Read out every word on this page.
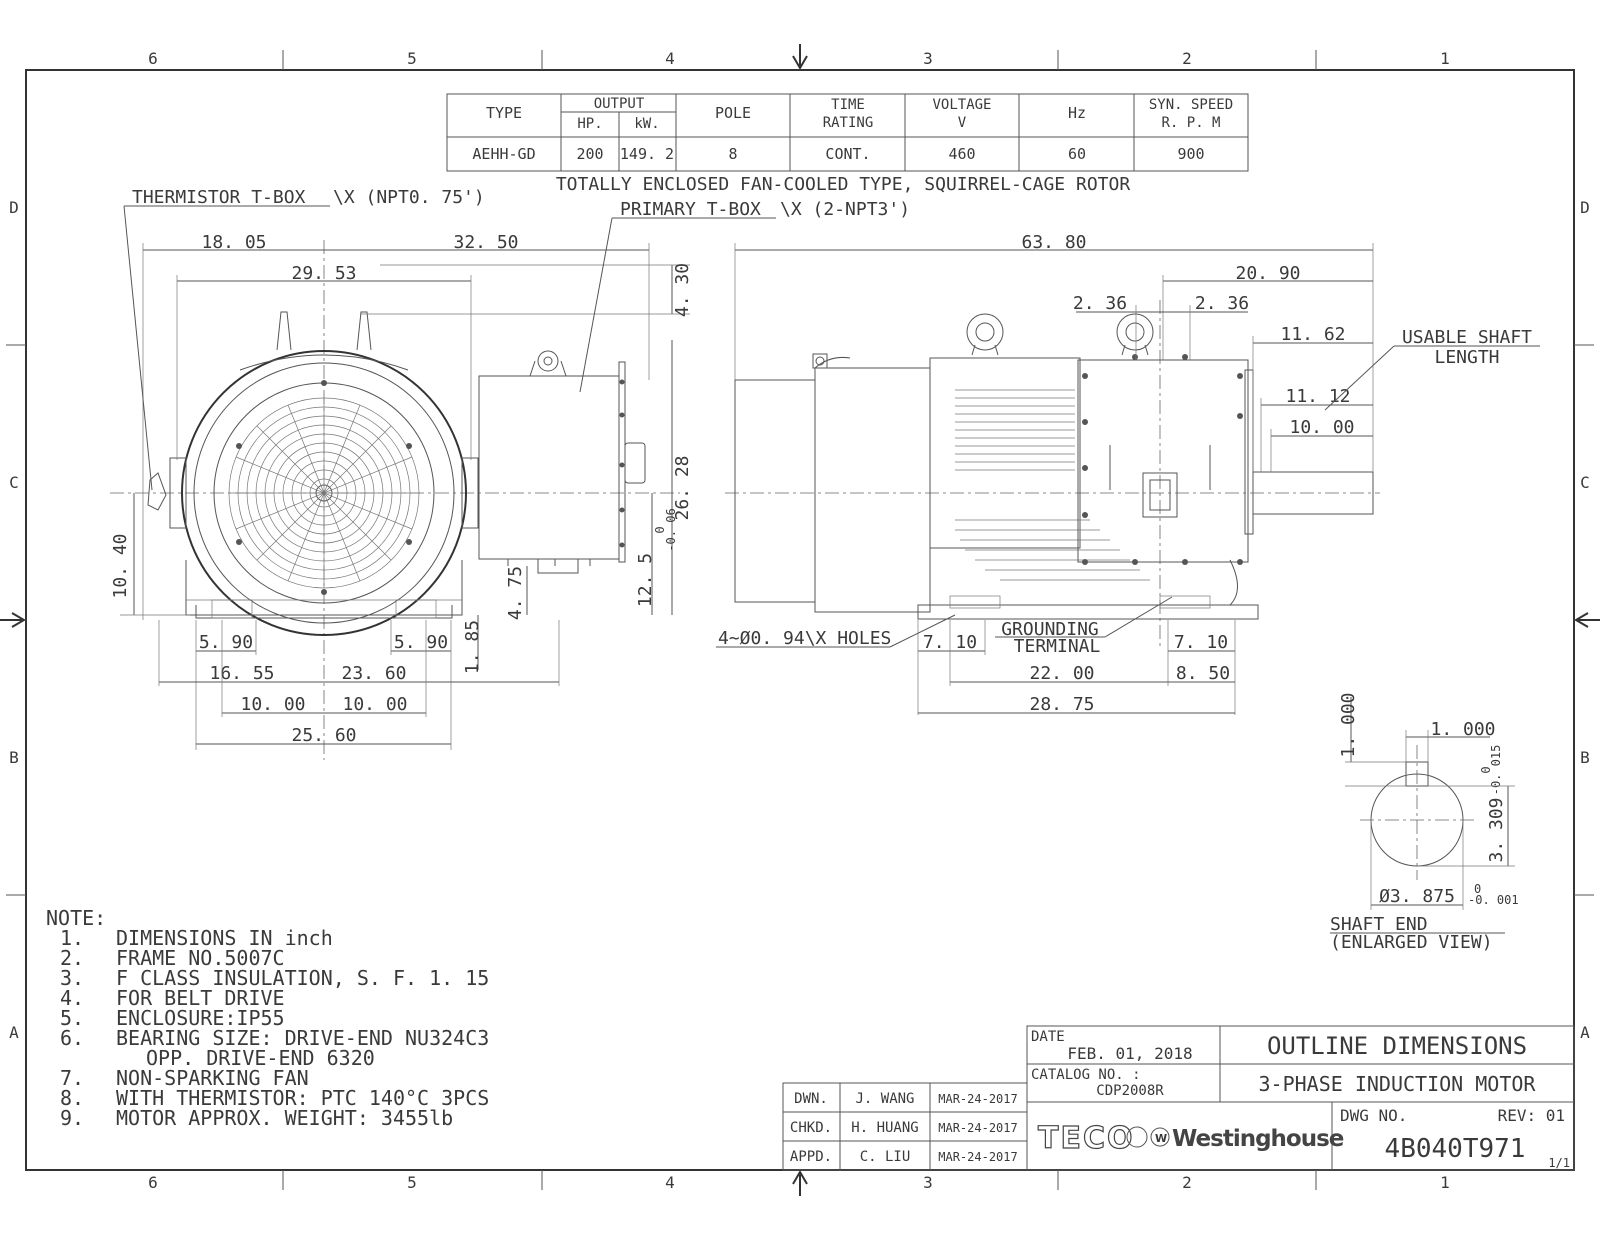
6	5	4	3	2	1
6	5	4	3	2	1
D
C
B
A
D
C
B
A
TYPE	OUTPUT
HP. kW.
POLE	TIME
RATING
VOLTAGE
V
Hz	SYN. SPEED
R. P. M
AEHH-GD	200 149. 2	8	CONT.	460	60	900
TOTALLY ENCLOSED FAN-COOLED TYPE, SQUIRREL-CAGE ROTOR
18. 05	32. 50
29. 53	4. 30
26. 28
12. 5
0
-0. 06
10. 40	4. 75
1. 85
5. 90	5. 90
16. 55	23. 60
10. 00 10. 00
25. 60
THERMISTOR T-BOX \X (NPT0. 75')
PRIMARY T-BOX \X (2-NPT3')
63. 80
20. 90
2. 36	2. 36
11. 62
11. 12
10. 00
7. 10	7. 10
22. 00	8. 50
28. 75
4~Ø0. 94\X HOLES	GROUNDING
TERMINAL
USABLE SHAFT
LENGTH
1. 000	1. 000
0
-0. 015
3. 309
Ø3. 875 0
-0. 001
SHAFT END
(ENLARGED VIEW)
NOTE:
1. DIMENSIONS IN inch
2. FRAME NO.5007C
3. F CLASS INSULATION, S. F. 1. 15
4. FOR BELT DRIVE
5. ENCLOSURE:IP55
6. BEARING SIZE: DRIVE-END NU324C3
OPP. DRIVE-END 6320
7. NON-SPARKING FAN
8. WITH THERMISTOR: PTC 140°C 3PCS
9. MOTOR APPROX. WEIGHT: 3455lb
DWN. J. WANG MAR-24-2017
CHKD. H. HUANG MAR-24-2017
APPD. C. LIU MAR-24-2017
DATE
FEB. 01, 2018
CATALOG NO. :
CDP2008R
OUTLINE DIMENSIONS
3-PHASE INDUCTION MOTOR
DWG NO.	REV: 01
4B040T971 1/1
TECO W Westinghouse
